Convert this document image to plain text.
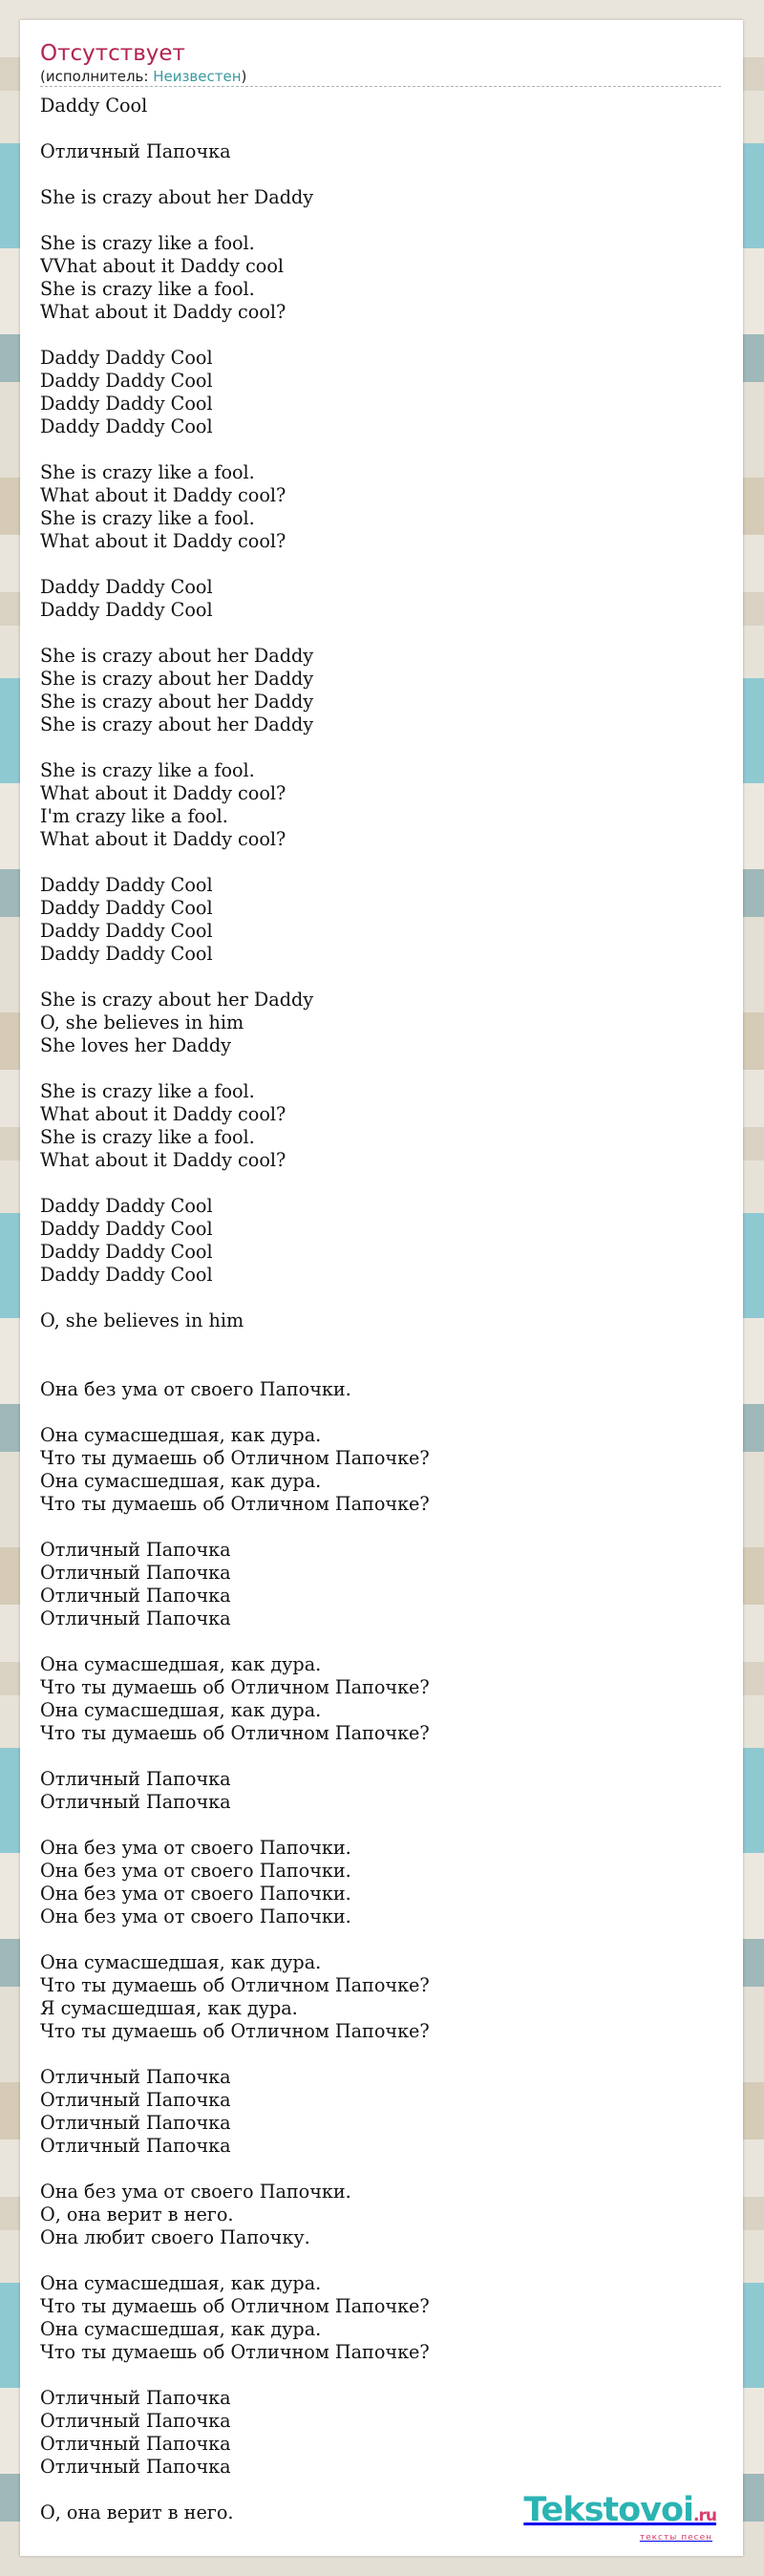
Отсутствует
(исполнитель: Неизвестен)
Daddy Cool
Отличный Папочка
She is crazy about her Daddy
She is crazy like a fool.
VVhat about it Daddy cool
She is crazy like a fool.
What about it Daddy cool?
Daddy Daddy Cool
Daddy Daddy Cool
Daddy Daddy Cool
Daddy Daddy Cool
She is crazy like a fool.
What about it Daddy cool?
She is crazy like a fool.
What about it Daddy cool?
Daddy Daddy Cool
Daddy Daddy Cool
She is crazy about her Daddy
She is crazy about her Daddy
She is crazy about her Daddy
She is crazy about her Daddy
She is crazy like a fool.
What about it Daddy cool?
I'm crazy like a fool.
What about it Daddy cool?
Daddy Daddy Cool
Daddy Daddy Cool
Daddy Daddy Cool
Daddy Daddy Cool
She is crazy about her Daddy
O, she believes in him
She loves her Daddy
She is crazy like a fool.
What about it Daddy cool?
She is crazy like a fool.
What about it Daddy cool?
Daddy Daddy Cool
Daddy Daddy Cool
Daddy Daddy Cool
Daddy Daddy Cool
O, she believes in him
Она без ума от своего Папочки.
Она сумасшедшая, как дура.
Что ты думаешь об Отличном Папочке?
Она сумасшедшая, как дура.
Что ты думаешь об Отличном Папочке?
Отличный Папочка
Отличный Папочка
Отличный Папочка
Отличный Папочка
Она сумасшедшая, как дура.
Что ты думаешь об Отличном Папочке?
Она сумасшедшая, как дура.
Что ты думаешь об Отличном Папочке?
Отличный Папочка
Отличный Папочка
Она без ума от своего Папочки.
Она без ума от своего Папочки.
Она без ума от своего Папочки.
Она без ума от своего Папочки.
Она сумасшедшая, как дура.
Что ты думаешь об Отличном Папочке?
Я сумасшедшая, как дура.
Что ты думаешь об Отличном Папочке?
Отличный Папочка
Отличный Папочка
Отличный Папочка
Отличный Папочка
Она без ума от своего Папочки.
О, она верит в него.
Она любит своего Папочку.
Она сумасшедшая, как дура.
Что ты думаешь об Отличном Папочке?
Она сумасшедшая, как дура.
Что ты думаешь об Отличном Папочке?
Отличный Папочка
Отличный Папочка
Отличный Папочка
Отличный Папочка
О, она верит в него.	Tekstovoi.ru
тексты песен
